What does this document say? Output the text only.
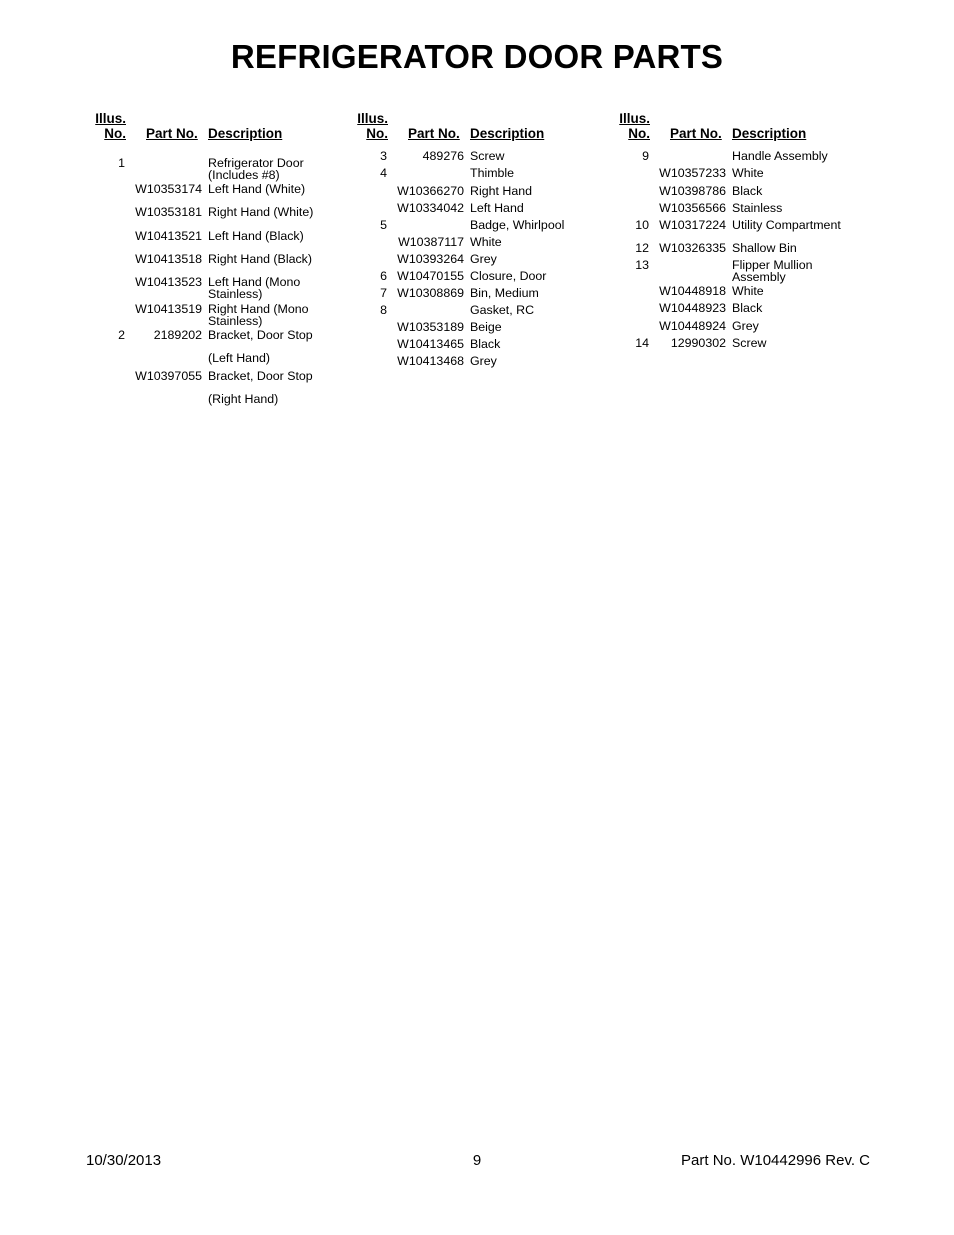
REFRIGERATOR DOOR PARTS
Illus.
No. Part No. Description
1	Refrigerator Door (Includes #8)
W10353174 Left Hand (White)
W10353181 Right Hand (White)
W10413521 Left Hand (Black)
W10413518 Right Hand (Black)
W10413523 Left Hand (Mono Stainless)
W10413519 Right Hand (Mono Stainless)
2	2189202 Bracket, Door Stop
(Left Hand)
W10397055 Bracket, Door Stop
(Right Hand)
Illus.
No. Part No. Description
3	489276 Screw
4	Thimble
W10366270 Right Hand
W10334042 Left Hand
5	Badge, Whirlpool
W10387117 White
W10393264 Grey
6 W10470155 Closure, Door
7 W10308869 Bin, Medium
8	Gasket, RC
W10353189 Beige
W10413465 Black
W10413468 Grey
Illus.
No. Part No. Description
9	Handle Assembly
W10357233 White
W10398786 Black
W10356566 Stainless
10 W10317224 Utility Compartment
12 W10326335 Shallow Bin
13	Flipper Mullion Assembly
W10448918 White
W10448923 Black
W10448924 Grey
14	12990302 Screw
10/30/2013	9	Part No. W10442996 Rev. C
